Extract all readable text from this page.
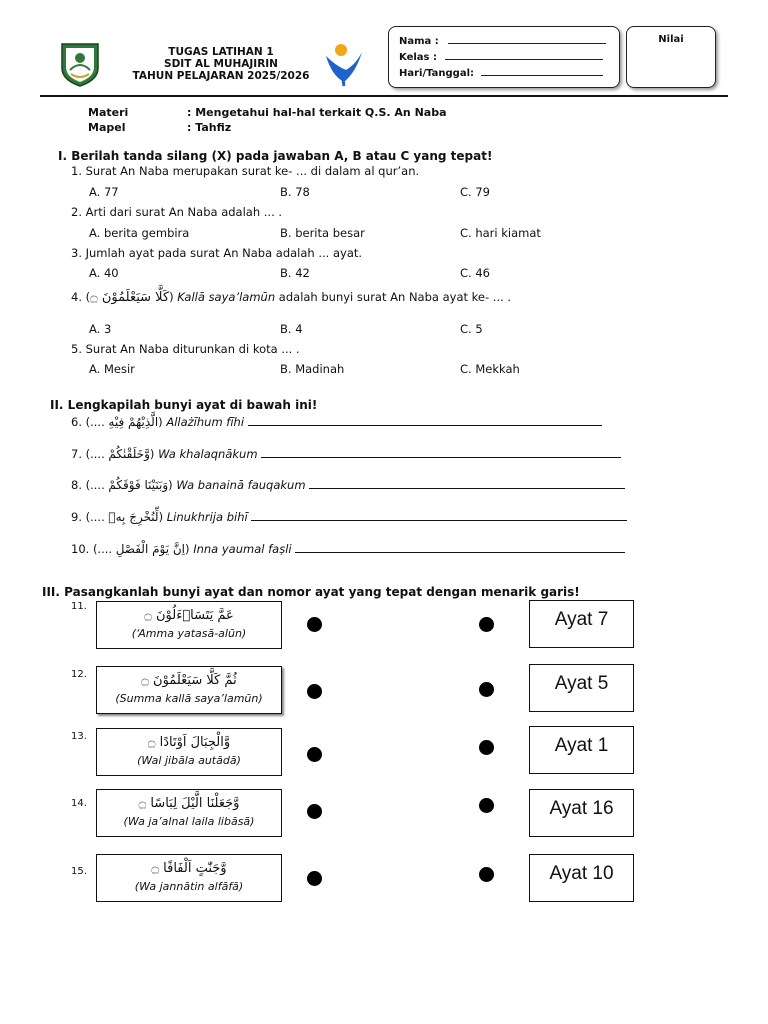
TUGAS LATIHAN 1
SDIT AL MUHAJIRIN
TAHUN PELAJARAN 2025/2026
Nama :
Kelas :
Hari/Tanggal:
Nilai
Materi	: Mengetahui hal-hal terkait Q.S. An Naba
Mapel	: Tahfiz
I. Berilah tanda silang (X) pada jawaban A, B atau C yang tepat!
1. Surat An Naba merupakan surat ke- ... di dalam al qur’an.
A. 77	B. 78	C. 79
2. Arti dari surat An Naba adalah ... .
A. berita gembira	B. berita besar	C. hari kiamat
3. Jumlah ayat pada surat An Naba adalah ... ayat.
A. 40	B. 42	C. 46
4. (كَلَّا سَيَعْلَمُوْنَ ۝) Kallā saya’lamūn adalah bunyi surat An Naba ayat ke- ... .
A. 3	B. 4	C. 5
5. Surat An Naba diturunkan di kota ... .
A. Mesir	B. Madinah	C. Mekkah
II. Lengkapilah bunyi ayat di bawah ini!
6. (.... الَّذِيْهُمْ فِيْهِ) Allażīhum fīhi
7. (.... وَّخَلَقْنٰكُمْ) Wa khalaqnākum
8. (.... وَبَنَيْنَا فَوْقَكُمْ) Wa banainā fauqakum
9. (.... لِّنُخْرِجَ بِهٖ) Linukhrija bihī
10. (.... اِنَّ يَوْمَ الْفَصْلِ) Inna yaumal faṣli
III. Pasangkanlah bunyi ayat dan nomor ayat yang tepat dengan menarik garis!
11.
عَمَّ يَتَسَاۤءَلُوْنَ ۝
(‘Amma yatasā-alūn)
Ayat 7
12.	ثُمَّ كَلَّا سَيَعْلَمُوْنَ ۝
(Summa kallā saya’lamūn)
Ayat 5
13.	وَّالْجِبَالَ اَوْتَادًا ۝
(Wal jibāla autādā)
Ayat 1
14.	وَّجَعَلْنَا الَّيْلَ لِبَاسًا ۝
(Wa ja’alnal laila libāsā)
Ayat 16
15.	وَّجَنّٰتٍ اَلْفَافًا ۝
(Wa jannātin alfāfā)
Ayat 10
